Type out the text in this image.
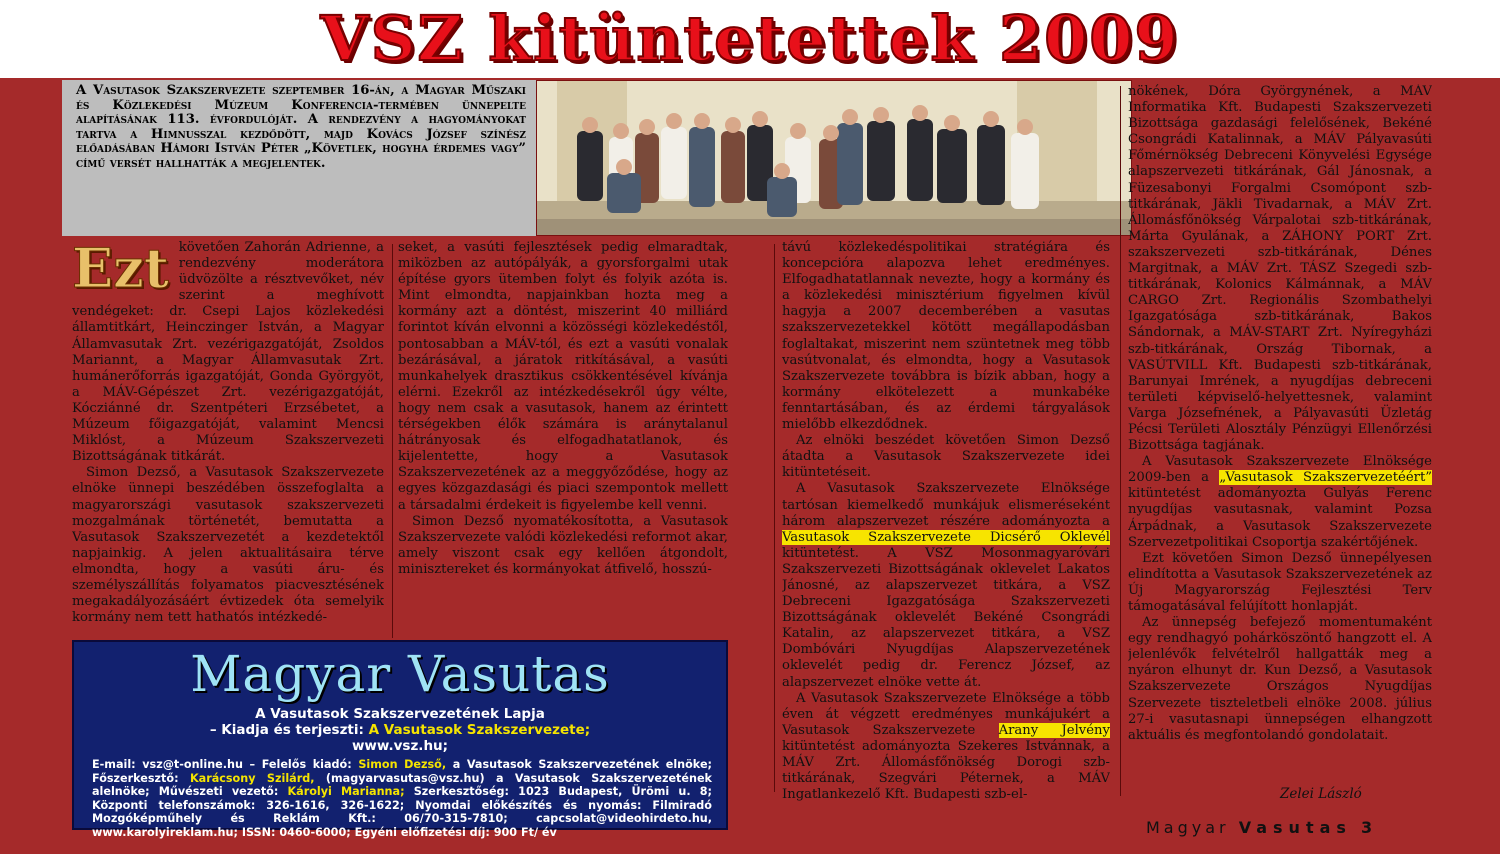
VSZ kitüntetettek 2009
A Vasutasok Szakszervezete szeptember 16-án, a Magyar Műszaki és Közlekedési Múzeum Konferencia-termében ünnepelte alapításának 113. évfordulóját. A rendezvény a hagyományokat tartva a Himnusszal kezdődött, majd Kovács József színész előadásában Hámori István Péter „Követlek, hogyha érdemes vagy” című versét hallhatták a megjelentek.
Ezt követően Zahorán Adrienne, a rendezvény moderátora üdvözölte a résztvevőket, név szerint a meghívott vendégeket: dr. Csepi Lajos közlekedési államtitkárt, Heinczinger István, a Magyar Államvasutak Zrt. vezérigazgatóját, Zsoldos Mariannt, a Magyar Államvasutak Zrt. humánerőforrás igazgatóját, Gonda Györgyöt, a MÁV-Gépészet Zrt. vezérigazgatóját, Kócziánné dr. Szentpéteri Erzsébetet, a Múzeum főigazgatóját, valamint Mencsi Miklóst, a Múzeum Szakszervezeti Bizottságának titkárát.

Simon Dezső, a Vasutasok Szakszervezete elnöke ünnepi beszédében összefoglalta a magyarországi vasutasok szakszervezeti mozgalmának történetét, bemutatta a Vasutasok Szakszervezetét a kezdetektől napjainkig. A jelen aktualitásaira térve elmondta, hogy a vasúti áru- és személyszállítás folyamatos piacvesztésének megakadályozásáért évtizedek óta semelyik kormány nem tett hathatós intézkedé-

seket, a vasúti fejlesztések pedig elmaradtak, miközben az autópályák, a gyorsforgalmi utak építése gyors ütemben folyt és folyik azóta is. Mint elmondta, napjainkban hozta meg a kormány azt a döntést, miszerint 40 milliárd forintot kíván elvonni a közösségi közlekedéstől, pontosabban a MÁV-tól, és ezt a vasúti vonalak bezárásával, a járatok ritkításával, a vasúti munkahelyek drasztikus csökkentésével kívánja elérni. Ezekről az intézkedésekről úgy vélte, hogy nem csak a vasutasok, hanem az érintett térségekben élők számára is aránytalanul hátrányosak és elfogadhatatlanok, és kijelentette, hogy a Vasutasok Szakszervezetének az a meggyőződése, hogy az egyes közgazdasági és piaci szempontok mellett a társadalmi érdekeit is figyelembe kell venni.

Simon Dezső nyomatékosította, a Vasutasok Szakszervezete valódi közlekedési reformot akar, amely viszont csak egy kellően átgondolt, minisztereket és kormányokat átfivelő, hosszú-

távú közlekedéspolitikai stratégiára és koncepcióra alapozva lehet eredményes. Elfogadhatatlannak nevezte, hogy a kormány és a közlekedési minisztérium figyelmen kívül hagyja a 2007 decemberében a vasutas szakszervezetekkel kötött megállapodásban foglaltakat, miszerint nem szüntetnek meg több vasútvonalat, és elmondta, hogy a Vasutasok Szakszervezete továbbra is bízik abban, hogy a kormány elkötelezett a munkabéke fenntartásában, és az érdemi tárgyalások mielőbb elkezdődnek.

Az elnöki beszédet követően Simon Dezső átadta a Vasutasok Szakszervezete idei kitüntetéseit.

A Vasutasok Szakszervezete Elnöksége tartósan kiemelkedő munkájuk elismeréseként három alapszervezet részére adományozta a Vasutasok Szakszervezete Dicsérő Oklevél kitüntetést. A VSZ Mosonmagyaróvári Szakszervezeti Bizottságának oklevelet Lakatos Jánosné, az alapszervezet titkára, a VSZ Debreceni Igazgatósága Szakszervezeti Bizottságának oklevelét Bekéné Csongrádi Katalin, az alapszervezet titkára, a VSZ Dombóvári Nyugdíjas Alapszervezetének oklevelét pedig dr. Ferencz József, az alapszervezet elnöke vette át.

A Vasutasok Szakszervezete Elnöksége a több éven át végzett eredményes munkájukért a Vasutasok Szakszervezete Arany Jelvény kitüntetést adományozta Szekeres Istvánnak, a MÁV Zrt. Állomásfőnökség Dorogi szb-titkárának, Szegvári Péternek, a MÁV Ingatlankezelő Kft. Budapesti szb-el-

nökének, Dóra Györgynének, a MÁV Informatika Kft. Budapesti Szakszervezeti Bizottsága gazdasági felelősének, Bekéné Csongrádi Katalinnak, a MÁV Pályavasúti Főmérnökség Debreceni Könyvelési Egysége alapszervezeti titkárának, Gál Jánosnak, a Füzesabonyi Forgalmi Csomópont szb-titkárának, Jäkli Tivadarnak, a MÁV Zrt. Állomásfőnökség Várpalotai szb-titkárának, Márta Gyulának, a ZÁHONY PORT Zrt. szakszervezeti szb-titkárának, Dénes Margitnak, a MÁV Zrt. TÁSZ Szegedi szb-titkárának, Kolonics Kálmánnak, a MÁV CARGO Zrt. Regionális Szombathelyi Igazgatósága szb-titkárának, Bakos Sándornak, a MÁV-START Zrt. Nyíregyházi szb-titkárának, Ország Tibornak, a VASÚTVILL Kft. Budapesti szb-titkárának, Barunyai Imrének, a nyugdíjas debreceni területi képviselő-helyettesnek, valamint Varga Józsefnének, a Pályavasúti Üzletág Pécsi Területi Alosztály Pénzügyi Ellenőrzési Bizottsága tagjának.

A Vasutasok Szakszervezete Elnöksége 2009-ben a „Vasutasok Szakszervezetéért” kitüntetést adományozta Gulyás Ferenc nyugdíjas vasutasnak, valamint Pozsa Árpádnak, a Vasutasok Szakszervezete Szervezetpolitikai Csoportja szakértőjének.

Ezt követően Simon Dezső ünnepélyesen elindította a Vasutasok Szakszervezetének az Új Magyarország Fejlesztési Terv támogatásával felújított honlapját.

Az ünnepség befejező momentumaként egy rendhagyó pohárköszöntő hangzott el. A jelenlévők felvételről hallgatták meg a nyáron elhunyt dr. Kun Dezső, a Vasutasok Szakszervezete Országos Nyugdíjas Szervezete tiszteletbeli elnöke 2008. július 27-i vasutasnapi ünnepségen elhangzott aktuális és megfontolandó gondolatait.

Zelei László
Magyar Vasutas 3
Magyar Vasutas
A Vasutasok Szakszervezetének Lapja
– Kiadja és terjeszti: A Vasutasok Szakszervezete;
www.vsz.hu;
E-mail: vsz@t-online.hu – Felelős kiadó: Simon Dezső, a Vasutasok Szakszervezetének elnöke; Főszerkesztő: Karácsony Szilárd, (magyarvasutas@vsz.hu) a Vasutasok Szakszervezetének alelnöke; Művészeti vezető: Károlyi Marianna; Szerkesztőség: 1023 Budapest, Ürömi u. 8; Központi telefonszámok: 326-1616, 326-1622; Nyomdai előkészítés és nyomás: Filmiradó Mozgóképműhely és Reklám Kft.: 06/70-315-7810; capcsolat@videohirdeto.hu, www.karolyireklam.hu; ISSN: 0460-6000; Egyéni előfizetési díj: 900 Ft/ év
